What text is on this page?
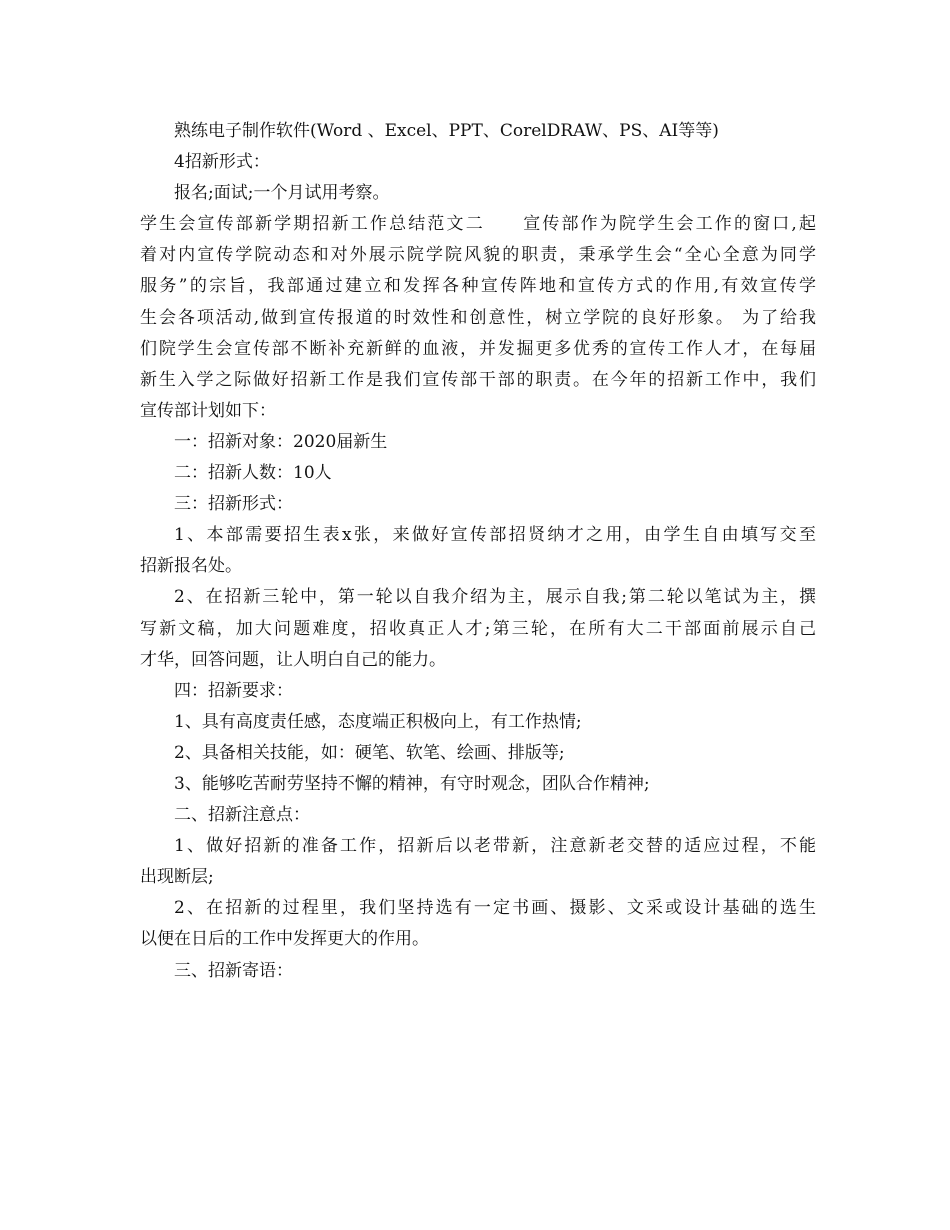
熟练电子制作软件(Word 、Excel、PPT、CorelDRAW、PS、AI等等)
4招新形式：
报名;面试;一个月试用考察。
学生会宣传部新学期招新工作总结范文二　　宣传部作为院学生会工作的窗口,起
着对内宣传学院动态和对外展示院学院风貌的职责，秉承学生会“全心全意为同学
服务”的宗旨，我部通过建立和发挥各种宣传阵地和宣传方式的作用,有效宣传学
生会各项活动,做到宣传报道的时效性和创意性，树立学院的良好形象。 为了给我
们院学生会宣传部不断补充新鲜的血液，并发掘更多优秀的宣传工作人才，在每届
新生入学之际做好招新工作是我们宣传部干部的职责。在今年的招新工作中，我们
宣传部计划如下：
一：招新对象：2020届新生
二：招新人数：10人
三：招新形式：
1、本部需要招生表x张，来做好宣传部招贤纳才之用，由学生自由填写交至
招新报名处。
2、在招新三轮中，第一轮以自我介绍为主，展示自我;第二轮以笔试为主，撰
写新文稿，加大问题难度，招收真正人才;第三轮，在所有大二干部面前展示自己
才华，回答问题，让人明白自己的能力。
四：招新要求：
1、具有高度责任感，态度端正积极向上，有工作热情;
2、具备相关技能，如：硬笔、软笔、绘画、排版等;
3、能够吃苦耐劳坚持不懈的精神，有守时观念，团队合作精神;
二、招新注意点：
1、做好招新的准备工作，招新后以老带新，注意新老交替的适应过程，不能
出现断层;
2、在招新的过程里，我们坚持选有一定书画、摄影、文采或设计基础的选生
以便在日后的工作中发挥更大的作用。
三、招新寄语：
